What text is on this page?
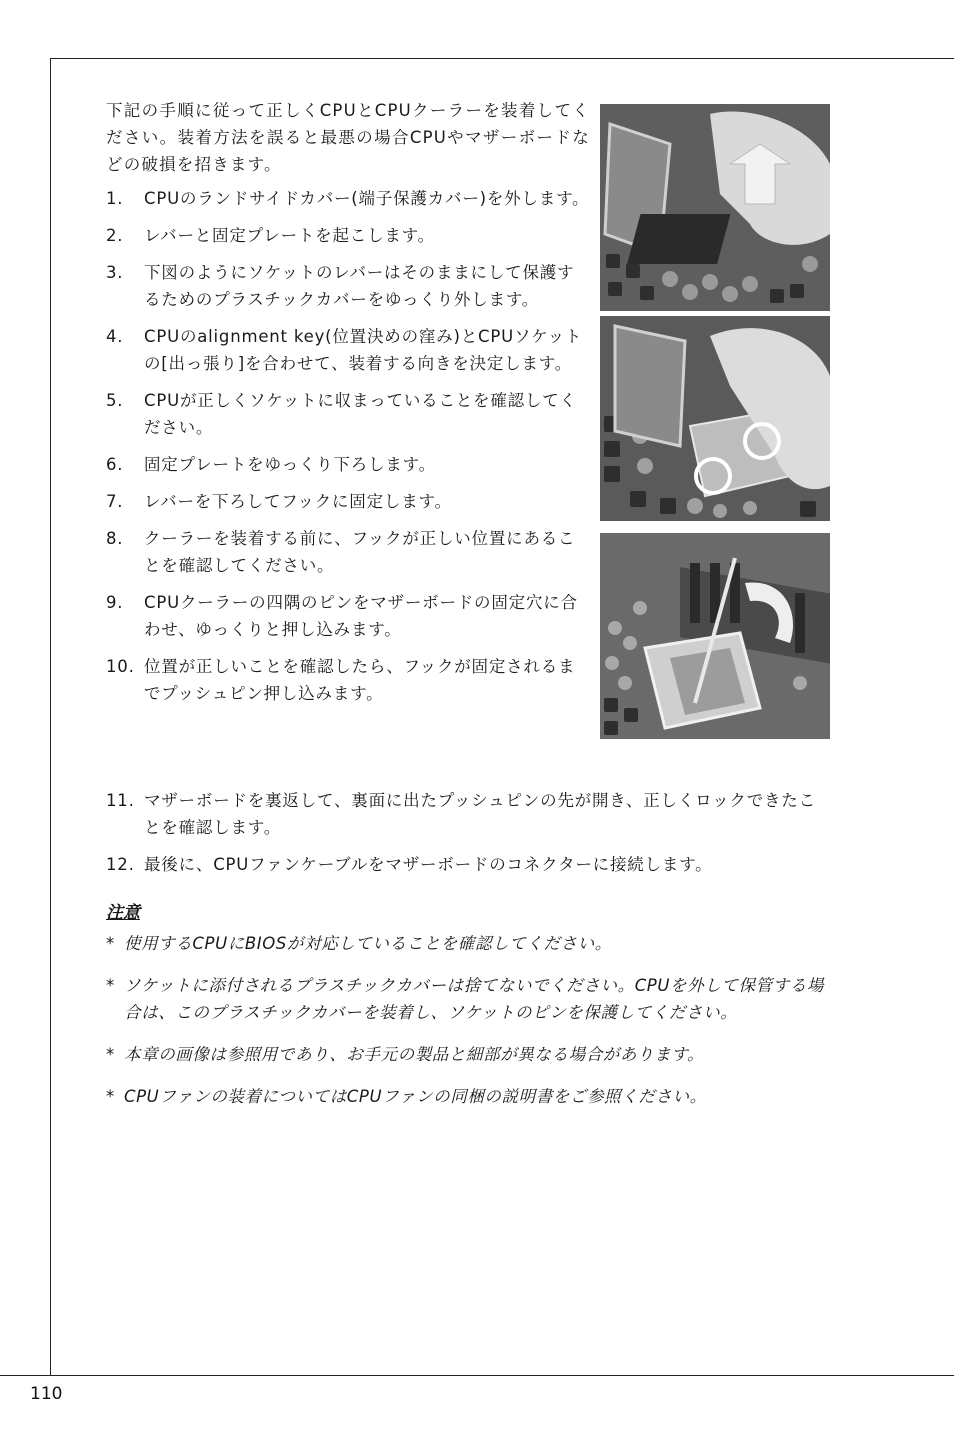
下記の手順に従って正しくCPUとCPUクーラーを装着してください。装着方法を誤ると最悪の場合CPUやマザーボードなどの破損を招きます。

1.	CPUのランドサイドカバー(端子保護カバー)を外します。
2.	レバーと固定プレートを起こします。
3.	下図のようにソケットのレバーはそのままにして保護するためのプラスチックカバーをゆっくり外します。
4.	CPUのalignment key(位置決めの窪み)とCPUソケットの[出っ張り]を合わせて、装着する向きを決定します。
5.	CPUが正しくソケットに収まっていることを確認してください。
6.	固定プレートをゆっくり下ろします。
7.	レバーを下ろしてフックに固定します。
8.	クーラーを装着する前に、フックが正しい位置にあることを確認してください。
9.	CPUクーラーの四隅のピンをマザーボードの固定穴に合わせ、ゆっくりと押し込みます。
10. 位置が正しいことを確認したら、フックが固定されるまでプッシュピン押し込みます。
11. マザーボードを裏返して、裏面に出たプッシュピンの先が開き、正しくロックできたことを確認します。
12. 最後に、CPUファンケーブルをマザーボードのコネクターに接続します。
注意
* 使用するCPUにBIOSが対応していることを確認してください。
* ソケットに添付されるプラスチックカバーは捨てないでください。CPUを外して保管する場合は、このプラスチックカバーを装着し、ソケットのピンを保護してください。
* 本章の画像は参照用であり、お手元の製品と細部が異なる場合があります。
* CPUファンの装着についてはCPUファンの同梱の説明書をご参照ください。
110
